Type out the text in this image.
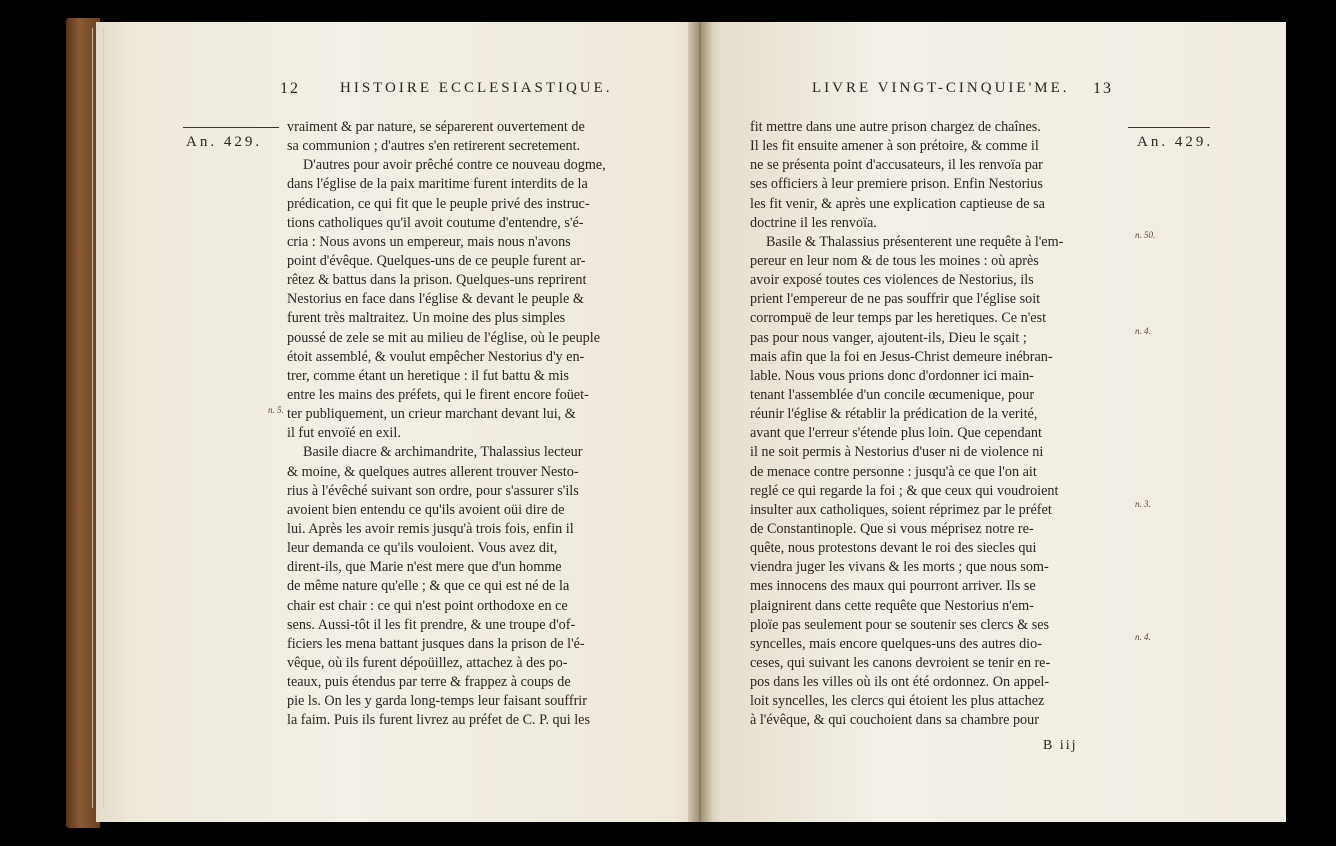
12	HISTOIRE ECCLESIASTIQUE.
An. 429.
n. 5.
vraiment & par nature, se séparerent ouvertement de
sa communion ; d'autres s'en retirerent secretement.
D'autres pour avoir prêché contre ce nouveau dogme,
dans l'église de la paix maritime furent interdits de la
prédication, ce qui fit que le peuple privé des instruc-
tions catholiques qu'il avoit coutume d'entendre, s'é-
cria : Nous avons un empereur, mais nous n'avons
point d'évêque. Quelques-uns de ce peuple furent ar-
rêtez & battus dans la prison. Quelques-uns reprirent
Nestorius en face dans l'église & devant le peuple &
furent très maltraitez. Un moine des plus simples
poussé de zele se mit au milieu de l'église, où le peuple
étoit assemblé, & voulut empêcher Nestorius d'y en-
trer, comme étant un heretique : il fut battu & mis
entre les mains des préfets, qui le firent encore foüet-
ter publiquement, un crieur marchant devant lui, &
il fut envoïé en exil.
Basile diacre & archimandrite, Thalassius lecteur
& moine, & quelques autres allerent trouver Nesto-
rius à l'évêché suivant son ordre, pour s'assurer s'ils
avoient bien entendu ce qu'ils avoient oüi dire de
lui. Après les avoir remis jusqu'à trois fois, enfin il
leur demanda ce qu'ils vouloient. Vous avez dit,
dirent-ils, que Marie n'est mere que d'un homme
de même nature qu'elle ; & que ce qui est né de la
chair est chair : ce qui n'est point orthodoxe en ce
sens. Aussi-tôt il les fit prendre, & une troupe d'of-
ficiers les mena battant jusques dans la prison de l'é-
vêque, où ils furent dépoüillez, attachez à des po-
teaux, puis étendus par terre & frappez à coups de
pie ls. On les y garda long-temps leur faisant souffrir
la faim. Puis ils furent livrez au préfet de C. P. qui les
LIVRE VINGT-CINQUIE'ME. 13
An. 429.
n. 50.
n. 4.
n. 3.
n. 4.
fit mettre dans une autre prison chargez de chaînes.
Il les fit ensuite amener à son prétoire, & comme il
ne se présenta point d'accusateurs, il les renvoïa par
ses officiers à leur premiere prison. Enfin Nestorius
les fit venir, & après une explication captieuse de sa
doctrine il les renvoïa.
Basile & Thalassius présenterent une requête à l'em-
pereur en leur nom & de tous les moines : où après
avoir exposé toutes ces violences de Nestorius, ils
prient l'empereur de ne pas souffrir que l'église soit
corrompuë de leur temps par les heretiques. Ce n'est
pas pour nous vanger, ajoutent-ils, Dieu le sçait ;
mais afin que la foi en Jesus-Christ demeure inébran-
lable. Nous vous prions donc d'ordonner ici main-
tenant l'assemblée d'un concile œcumenique, pour
réunir l'église & rétablir la prédication de la verité,
avant que l'erreur s'étende plus loin. Que cependant
il ne soit permis à Nestorius d'user ni de violence ni
de menace contre personne : jusqu'à ce que l'on ait
reglé ce qui regarde la foi ; & que ceux qui voudroient
insulter aux catholiques, soient réprimez par le préfet
de Constantinople. Que si vous méprisez notre re-
quête, nous protestons devant le roi des siecles qui
viendra juger les vivans & les morts ; que nous som-
mes innocens des maux qui pourront arriver. Ils se
plaignirent dans cette requête que Nestorius n'em-
ploïe pas seulement pour se soutenir ses clercs & ses
syncelles, mais encore quelques-uns des autres dio-
ceses, qui suivant les canons devroient se tenir en re-
pos dans les villes où ils ont été ordonnez. On appel-
loit syncelles, les clercs qui étoient les plus attachez
à l'évêque, & qui couchoient dans sa chambre pour
B iij
